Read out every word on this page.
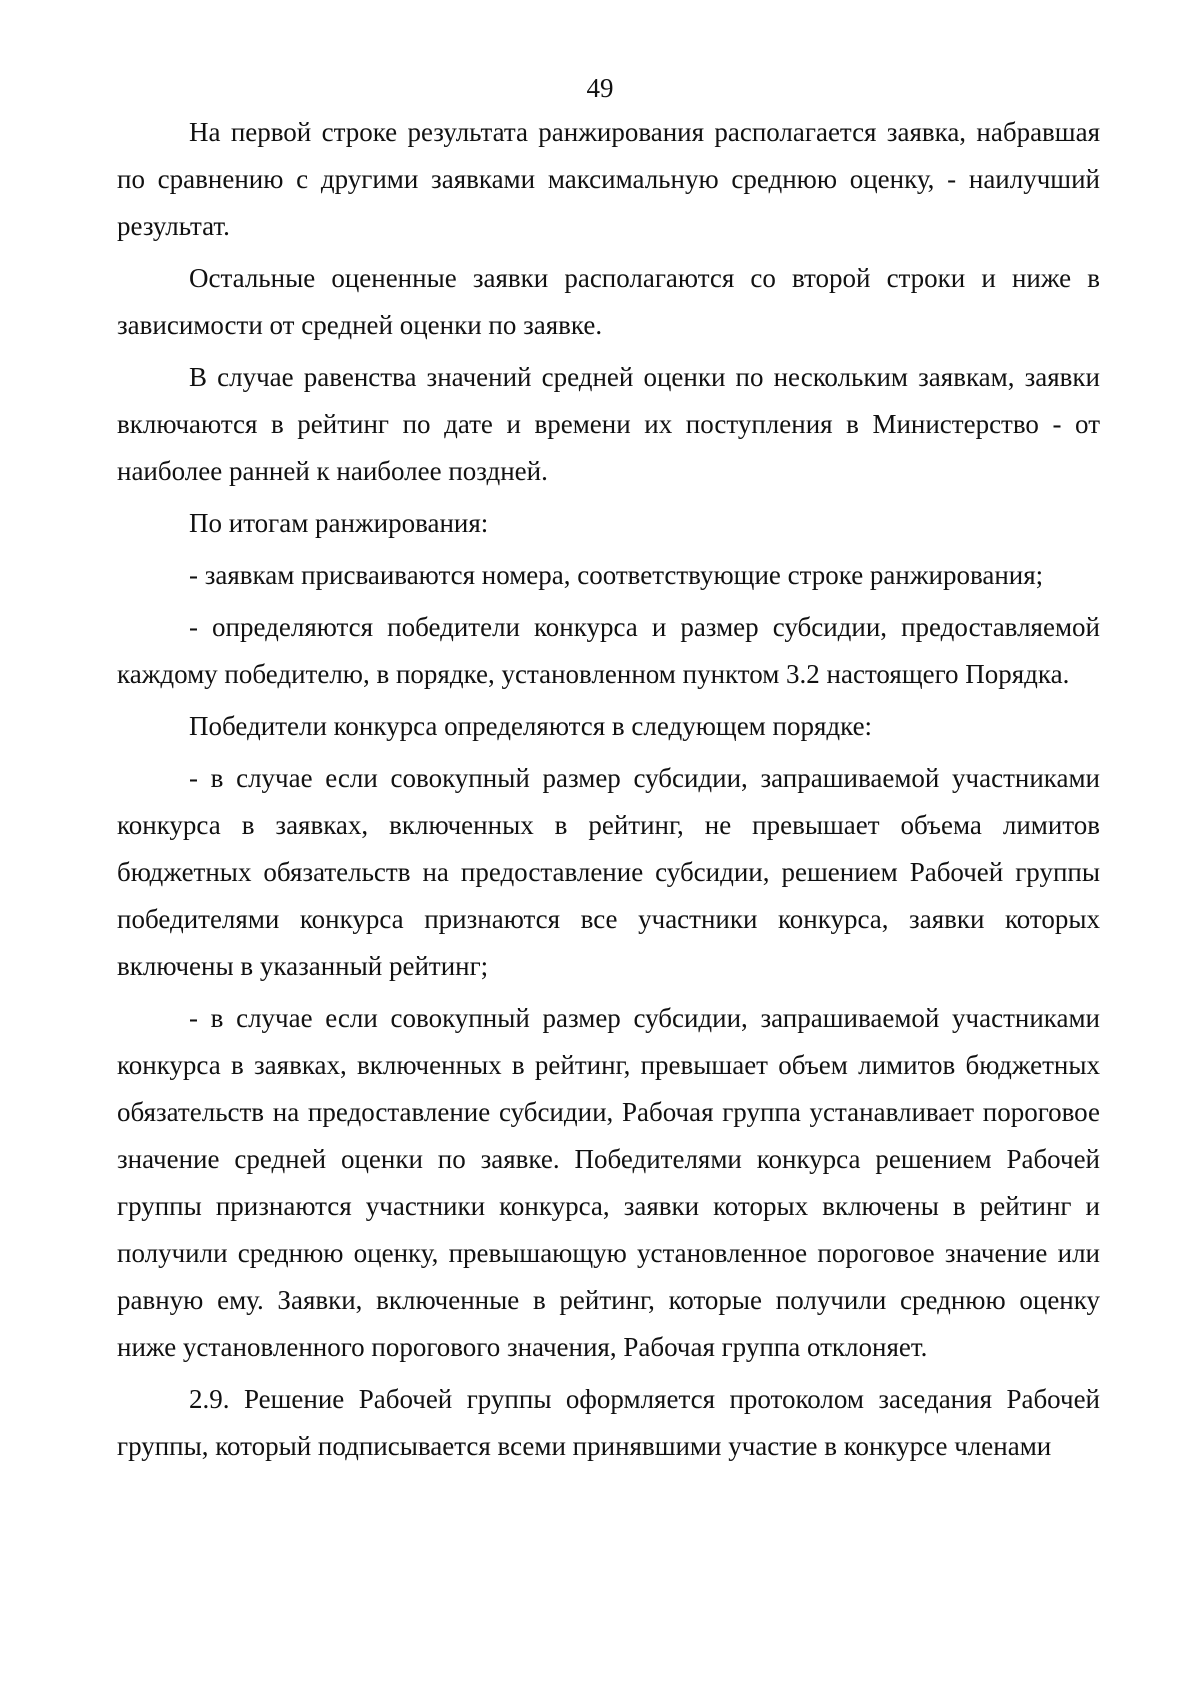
49

На первой строке результата ранжирования располагается заявка, набравшая по сравнению с другими заявками максимальную среднюю оценку, - наилучший результат.

Остальные оцененные заявки располагаются со второй строки и ниже в зависимости от средней оценки по заявке.

В случае равенства значений средней оценки по нескольким заявкам, заявки включаются в рейтинг по дате и времени их поступления в Министерство - от наиболее ранней к наиболее поздней.

По итогам ранжирования:

- заявкам присваиваются номера, соответствующие строке ранжирования;

- определяются победители конкурса и размер субсидии, предоставляемой каждому победителю, в порядке, установленном пунктом 3.2 настоящего Порядка.

Победители конкурса определяются в следующем порядке:

- в случае если совокупный размер субсидии, запрашиваемой участниками конкурса в заявках, включенных в рейтинг, не превышает объема лимитов бюджетных обязательств на предоставление субсидии, решением Рабочей группы победителями конкурса признаются все участники конкурса, заявки которых включены в указанный рейтинг;

- в случае если совокупный размер субсидии, запрашиваемой участниками конкурса в заявках, включенных в рейтинг, превышает объем лимитов бюджетных обязательств на предоставление субсидии, Рабочая группа устанавливает пороговое значение средней оценки по заявке. Победителями конкурса решением Рабочей группы признаются участники конкурса, заявки которых включены в рейтинг и получили среднюю оценку, превышающую установленное пороговое значение или равную ему. Заявки, включенные в рейтинг, которые получили среднюю оценку ниже установленного порогового значения, Рабочая группа отклоняет.

2.9. Решение Рабочей группы оформляется протоколом заседания Рабочей группы, который подписывается всеми принявшими участие в конкурсе членами
